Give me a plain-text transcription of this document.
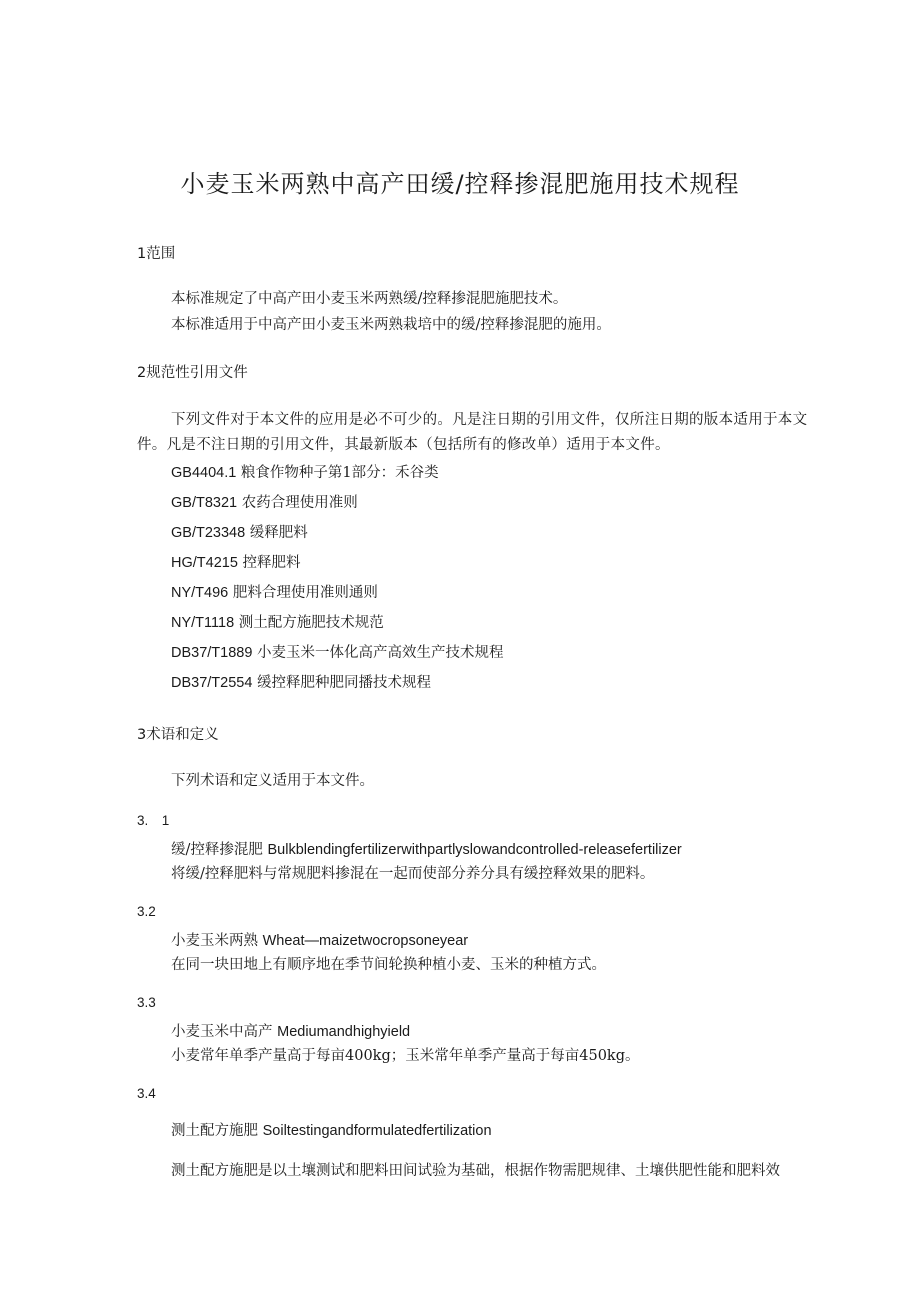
小麦玉米两熟中高产田缓/控释掺混肥施用技术规程
1范围
本标准规定了中高产田小麦玉米两熟缓/控释掺混肥施肥技术。
本标准适用于中高产田小麦玉米两熟栽培中的缓/控释掺混肥的施用。
2规范性引用文件
下列文件对于本文件的应用是必不可少的。凡是注日期的引用文件，仅所注日期的版本适用于本文件。凡是不注日期的引用文件，其最新版本（包括所有的修改单）适用于本文件。
GB4404.1 粮食作物种子第1部分：禾谷类
GB/T8321 农药合理使用准则
GB/T23348 缓释肥料
HG/T4215 控释肥料
NY/T496 肥料合理使用准则通则
NY/T1118 测土配方施肥技术规范
DB37/T1889 小麦玉米一体化高产高效生产技术规程
DB37/T2554 缓控释肥种肥同播技术规程
3术语和定义
下列术语和定义适用于本文件。
3.　1
缓/控释掺混肥 Bulkblendingfertilizerwithpartlyslowandcontrolled-releasefertilizer
将缓/控释肥料与常规肥料掺混在一起而使部分养分具有缓控释效果的肥料。
3.2
小麦玉米两熟 Wheat—maizetwocropsoneyear
在同一块田地上有顺序地在季节间轮换种植小麦、玉米的种植方式。
3.3
小麦玉米中高产 Mediumandhighyield
小麦常年单季产量高于每亩400kg；玉米常年单季产量高于每亩450kg。
3.4
测土配方施肥 Soiltestingandformulatedfertilization
测土配方施肥是以土壤测试和肥料田间试验为基础，根据作物需肥规律、土壤供肥性能和肥料效
